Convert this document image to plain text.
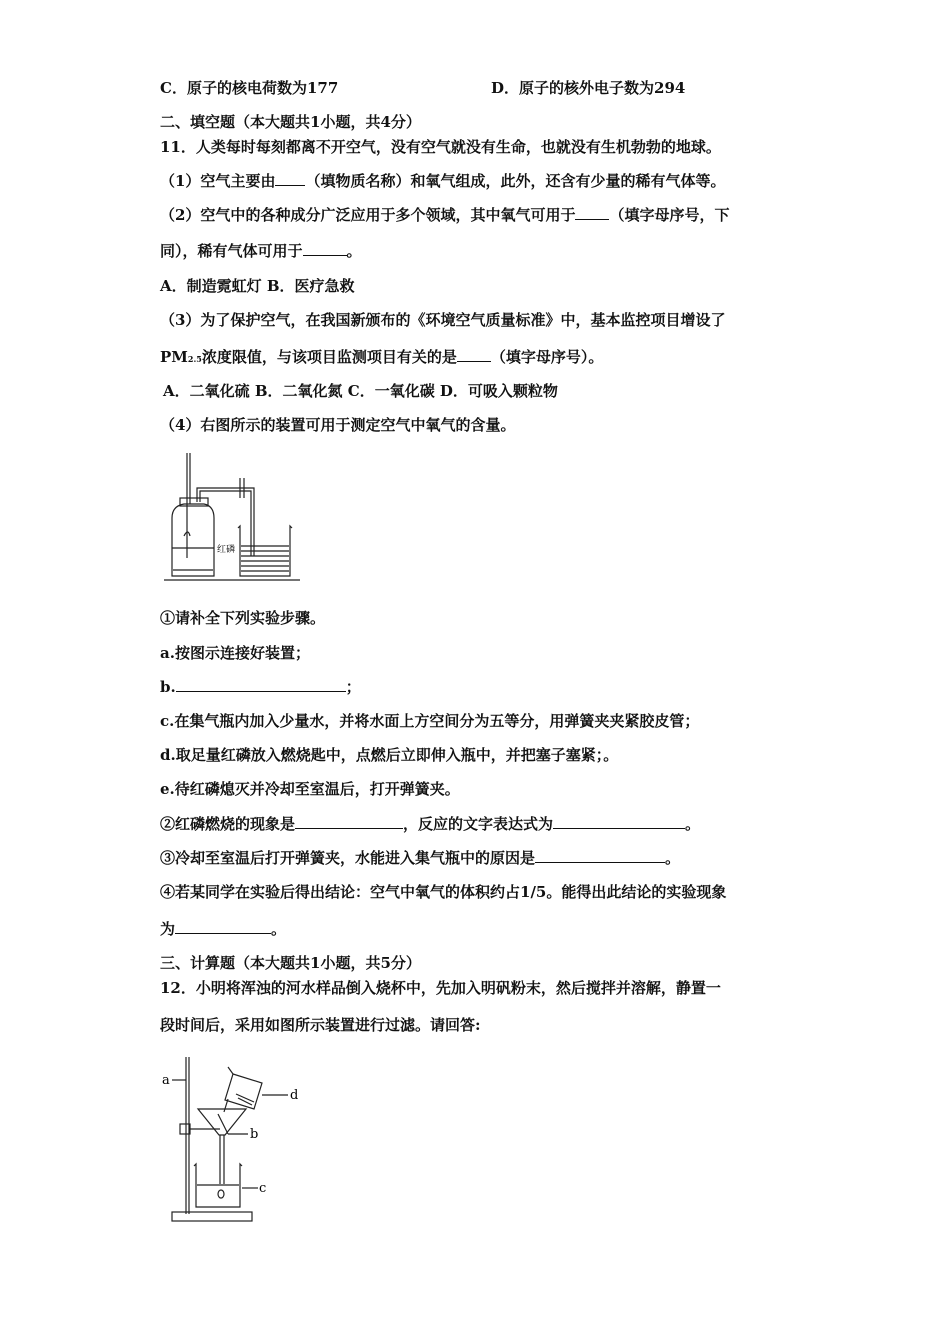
C．原子的核电荷数为177	D．原子的核外电子数为294
二、填空题（本大题共1小题，共4分）
11．人类每时每刻都离不开空气，没有空气就没有生命，也就没有生机勃勃的地球。
（1）空气主要由 （填物质名称）和氧气组成，此外，还含有少量的稀有气体等。
（2）空气中的各种成分广泛应用于多个领域，其中氧气可用于 （填字母序号，下
同），稀有气体可用于	。
A．制造霓虹灯 B．医疗急救
（3）为了保护空气，在我国新颁布的《环境空气质量标准》中，基本监控项目增设了
PM2.5浓度限值，与该项目监测项目有关的是 （填字母序号）。
A．二氧化硫 B．二氧化氮 C．一氧化碳 D．可吸入颗粒物
（4）右图所示的装置可用于测定空气中氧气的含量。
红磷
①请补全下列实验步骤。
a.按图示连接好装置；
b.	；
c.在集气瓶内加入少量水，并将水面上方空间分为五等分，用弹簧夹夹紧胶皮管；
d.取足量红磷放入燃烧匙中，点燃后立即伸入瓶中，并把塞子塞紧；。
e.待红磷熄灭并冷却至室温后，打开弹簧夹。
②红磷燃烧的现象是	，反应的文字表达式为	。
③冷却至室温后打开弹簧夹，水能进入集气瓶中的原因是	。
④若某同学在实验后得出结论：空气中氧气的体积约占1/5。能得出此结论的实验现象
为	。
三、计算题（本大题共1小题，共5分）
12．小明将浑浊的河水样品倒入烧杯中，先加入明矾粉末，然后搅拌并溶解，静置一
段时间后，采用如图所示装置进行过滤。请回答:
a
b
c
d
